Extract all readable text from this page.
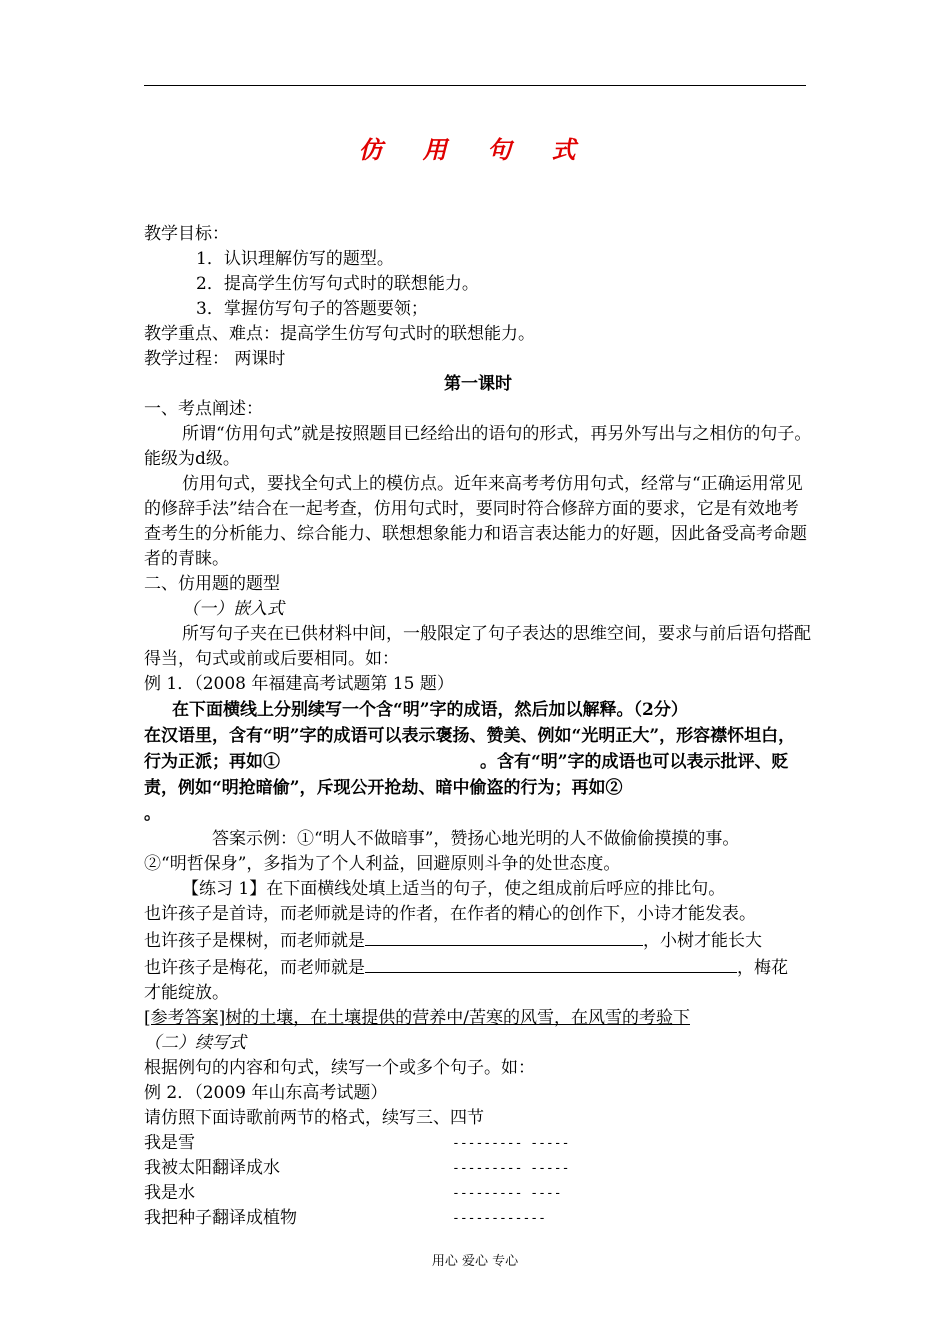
仿 用 句 式

教学目标：

1．认识理解仿写的题型。

2．提高学生仿写句式时的联想能力。

3．掌握仿写句子的答题要领；

教学重点、难点：提高学生仿写句式时的联想能力。

教学过程： 两课时

第一课时

一、考点阐述：

所谓“仿用句式”就是按照题目已经给出的语句的形式，再另外写出与之相仿的句子。能级为d级。

仿用句式，要找全句式上的模仿点。近年来高考考仿用句式，经常与“正确运用常见的修辞手法”结合在一起考查，仿用句式时，要同时符合修辞方面的要求，它是有效地考查考生的分析能力、综合能力、联想想象能力和语言表达能力的好题，因此备受高考命题者的青睐。

二、仿用题的题型

（一）嵌入式

所写句子夹在已供材料中间，一般限定了句子表达的思维空间，要求与前后语句搭配得当，句式或前或后要相同。如：

例 1．（2008 年福建高考试题第 15 题）

在下面横线上分别续写一个含“明”字的成语，然后加以解释。（2分）

在汉语里，含有“明”字的成语可以表示褒扬、赞美、例如“光明正大”，形容襟怀坦白，行为正派；再如①	。含有“明”字的成语也可以表示批评、贬责，例如“明抢暗偷”，斥现公开抢劫、暗中偷盗的行为；再如②
。

答案示例：①“明人不做暗事”，赞扬心地光明的人不做偷偷摸摸的事。

②“明哲保身”，多指为了个人利益，回避原则斗争的处世态度。

【练习 1】在下面横线处填上适当的句子，使之组成前后呼应的排比句。

也许孩子是首诗，而老师就是诗的作者，在作者的精心的创作下，小诗才能发表。

也许孩子是棵树，而老师就是	，小树才能长大

也许孩子是梅花，而老师就是	，梅花

才能绽放。

[参考答案]树的土壤，在土壤提供的营养中/苦寒的风雪，在风雪的考验下

（二）续写式

根据例句的内容和句式，续写一个或多个句子。如：

例 2．（2009 年山东高考试题）

请仿照下面诗歌前两节的格式，续写三、四节

我是雪	--------- -----
我被太阳翻译成水	--------- -----
我是水	--------- ----
我把种子翻译成植物	------------
用心 爱心 专心
